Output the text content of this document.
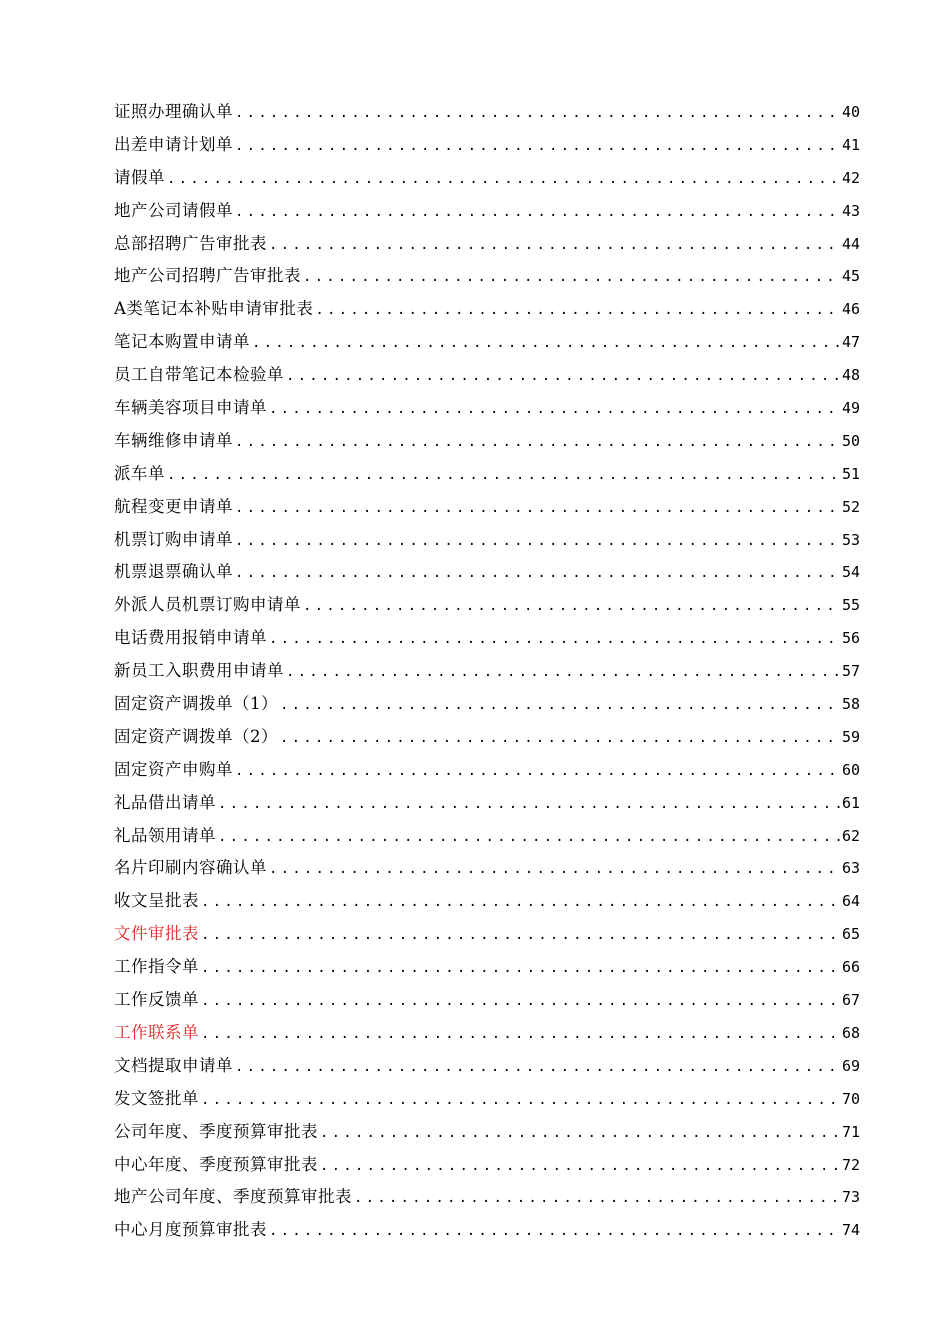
证照办理确认单 .....	40
出差申请计划单 .....	41
请假单 .....	42
地产公司请假单 .....	43
总部招聘广告审批表 .....	44
地产公司招聘广告审批表 .....	45
A类笔记本补贴申请审批表 .....	46
笔记本购置申请单 .....	47
员工自带笔记本检验单 .....	48
车辆美容项目申请单 .....	49
车辆维修申请单 .....	50
派车单 .....	51
航程变更申请单 .....	52
机票订购申请单 .....	53
机票退票确认单 .....	54
外派人员机票订购申请单 .....	55
电话费用报销申请单 .....	56
新员工入职费用申请单 .....	57
固定资产调拨单（1） .....	58
固定资产调拨单（2） .....	59
固定资产申购单 .....	60
礼品借出请单 .....	61
礼品领用请单 .....	62
名片印刷内容确认单 .....	63
收文呈批表 .....	64
文件审批表 .....	65
工作指令单 .....	66
工作反馈单 .....	67
工作联系单 .....	68
文档提取申请单 .....	69
发文签批单 .....	70
公司年度、季度预算审批表 .....	71
中心年度、季度预算审批表 .....	72
地产公司年度、季度预算审批表 .....	73
中心月度预算审批表 .....	74
